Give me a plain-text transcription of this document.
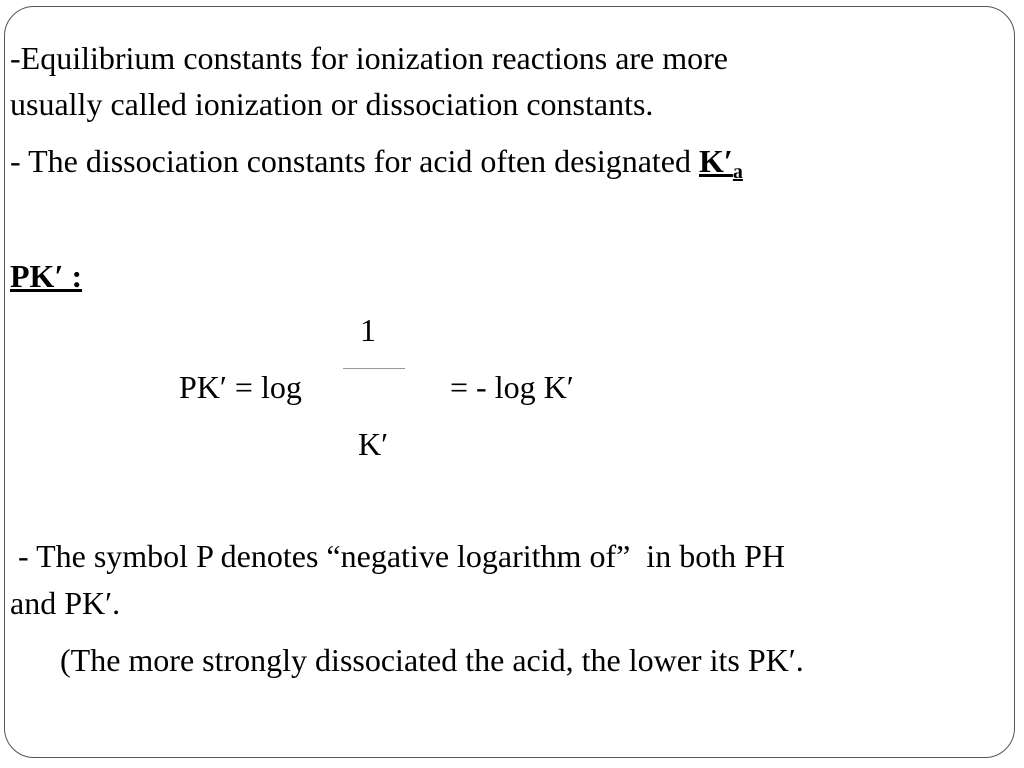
-Equilibrium constants for ionization reactions are more
usually called ionization or dissociation constants.
- The dissociation constants for acid often designated K′a
PK′ :
1
PK′ = log	= - log K′
K′
- The symbol P denotes “negative logarithm of”  in both PH
and PK′.
(The more strongly dissociated the acid, the lower its PK′.
